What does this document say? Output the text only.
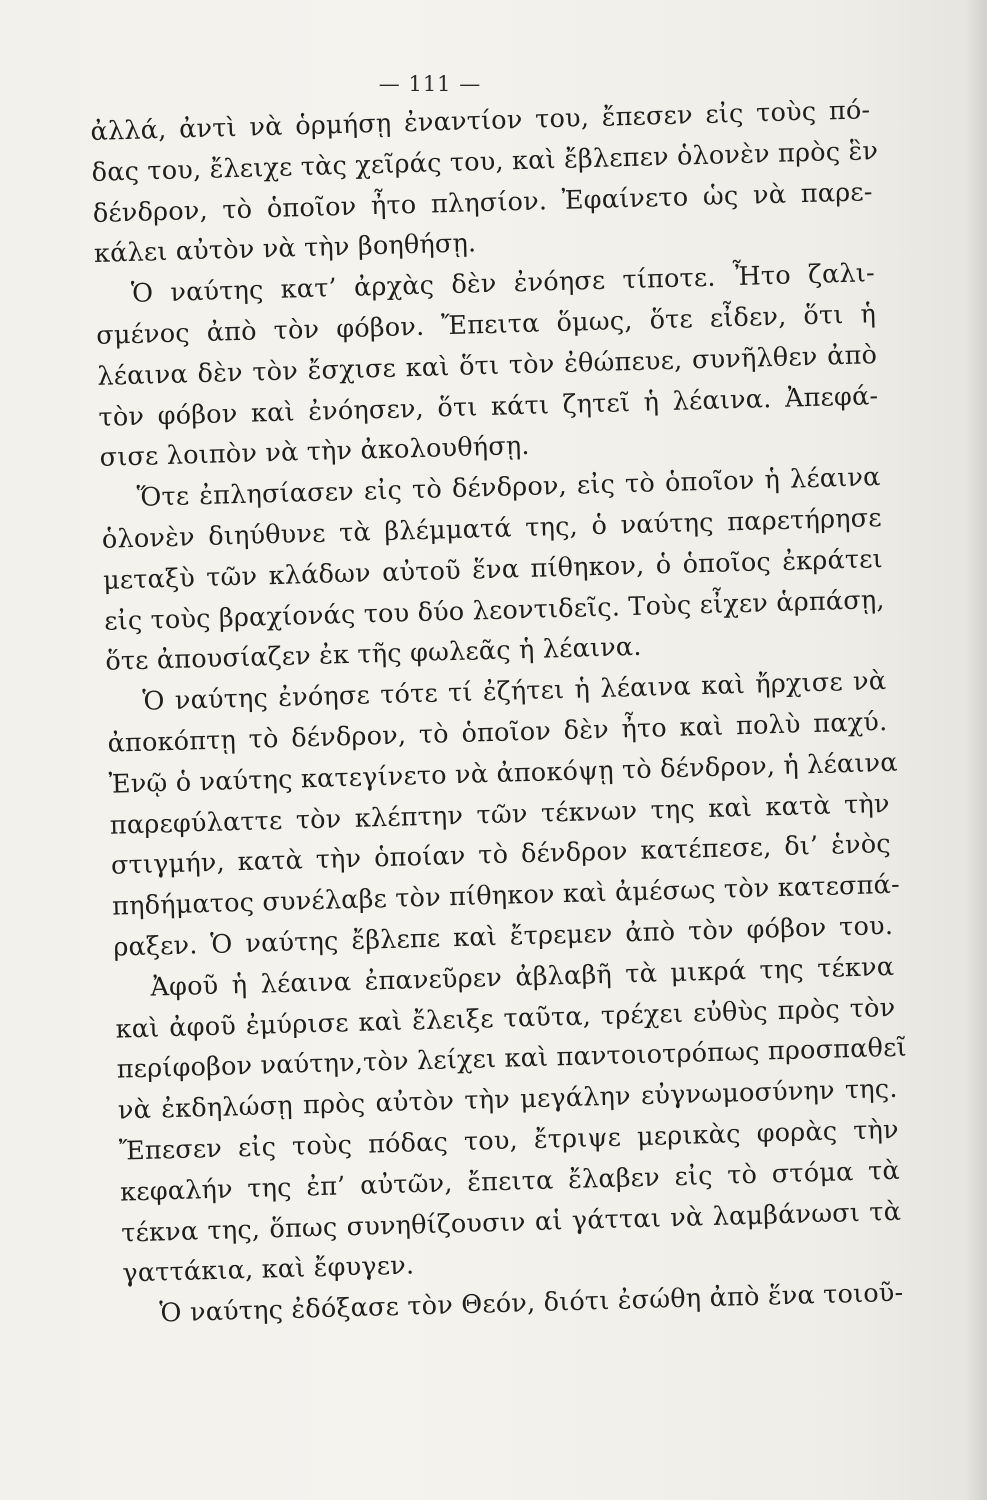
— 111 —
ἀλλά, ἀντὶ νὰ ὁρμήσῃ ἐναντίον του, ἔπεσεν εἰς τοὺς πό-
δας του, ἔλειχε τὰς χεῖράς του, καὶ ἔβλεπεν ὁλονὲν πρὸς ἓν
δένδρον, τὸ ὁποῖον ἦτο πλησίον. Ἐφαίνετο ὡς νὰ παρε-
κάλει αὐτὸν νὰ τὴν βοηθήσῃ.
Ὁ ναύτης κατ’ ἀρχὰς δὲν ἐνόησε τίποτε. Ἦτο ζαλι-
σμένος ἀπὸ τὸν φόβον. Ἔπειτα ὅμως, ὅτε εἶδεν, ὅτι ἡ
λέαινα δὲν τὸν ἔσχισε καὶ ὅτι τὸν ἐθώπευε, συνῆλθεν ἀπὸ
τὸν φόβον καὶ ἐνόησεν, ὅτι κάτι ζητεῖ ἡ λέαινα. Ἀπεφά-
σισε λοιπὸν νὰ τὴν ἀκολουθήσῃ.
Ὅτε ἐπλησίασεν εἰς τὸ δένδρον, εἰς τὸ ὁποῖον ἡ λέαινα
ὁλονὲν διηύθυνε τὰ βλέμματά της, ὁ ναύτης παρετήρησε
μεταξὺ τῶν κλάδων αὐτοῦ ἕνα πίθηκον, ὁ ὁποῖος ἐκράτει
εἰς τοὺς βραχίονάς του δύο λεοντιδεῖς. Τοὺς εἶχεν ἁρπάσῃ,
ὅτε ἀπουσίαζεν ἐκ τῆς φωλεᾶς ἡ λέαινα.
Ὁ ναύτης ἐνόησε τότε τί ἐζήτει ἡ λέαινα καὶ ἤρχισε νὰ
ἀποκόπτῃ τὸ δένδρον, τὸ ὁποῖον δὲν ἦτο καὶ πολὺ παχύ.
Ἐνῷ ὁ ναύτης κατεγίνετο νὰ ἀποκόψῃ τὸ δένδρον, ἡ λέαινα
παρεφύλαττε τὸν κλέπτην τῶν τέκνων της καὶ κατὰ τὴν
στιγμήν, κατὰ τὴν ὁποίαν τὸ δένδρον κατέπεσε, δι’ ἑνὸς
πηδήματος συνέλαβε τὸν πίθηκον καὶ ἀμέσως τὸν κατεσπά-
ραξεν. Ὁ ναύτης ἔβλεπε καὶ ἔτρεμεν ἀπὸ τὸν φόβον του.
Ἀφοῦ ἡ λέαινα ἐπανεῦρεν ἀβλαβῆ τὰ μικρά της τέκνα
καὶ ἀφοῦ ἐμύρισε καὶ ἔλειξε ταῦτα, τρέχει εὐθὺς πρὸς τὸν
περίφοβον ναύτην,τὸν λείχει καὶ παντοιοτρόπως προσπαθεῖ
νὰ ἐκδηλώσῃ πρὸς αὐτὸν τὴν μεγάλην εὐγνωμοσύνην της.
Ἔπεσεν εἰς τοὺς πόδας του, ἔτριψε μερικὰς φορὰς τὴν
κεφαλήν της ἐπ’ αὐτῶν, ἔπειτα ἔλαβεν εἰς τὸ στόμα τὰ
τέκνα της, ὅπως συνηθίζουσιν αἱ γάτται νὰ λαμβάνωσι τὰ
γαττάκια, καὶ ἔφυγεν.
Ὁ ναύτης ἐδόξασε τὸν Θεόν, διότι ἐσώθη ἀπὸ ἕνα τοιοῦ-
